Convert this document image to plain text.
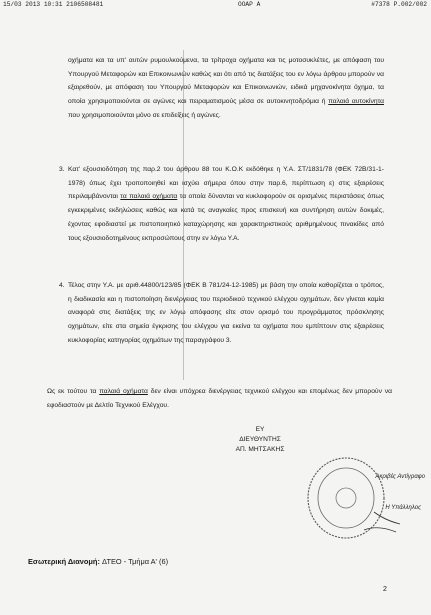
15/03 2013 10:31 2106508481	ΟΟΑΡ Α	#7378 P.002/002
οχήματα και τα υπ' αυτών ρυμουλκούμενα, τα τρίτροχα οχήματα και τις μοτοσυκλέτες, με απόφαση του Υπουργού Μεταφορών και Επικοινωνιών καθώς και ότι από τις διατάξεις του εν λόγω άρθρου μπορούν να εξαιρεθούν, με απόφαση του Υπουργού Μεταφορών και Επικοινωνιών, ειδικά μηχανοκίνητα όχημα, τα οποία χρησιμοποιούνται σε αγώνες και πειραματισμούς μέσα σε αυτοκινητοδρόμια ή παλαιά αυτοκίνητα που χρησιμοποιούνται μόνο σε επιδείξεις ή αγώνες.
3. Κατ' εξουσιοδότηση της παρ.2 του άρθρου 88 του Κ.Ο.Κ εκδόθηκε η Υ.Α. ΣΤ/1831/78 (ΦΕΚ 72Β/31-1-1978) όπως έχει τροποποιηθεί και ισχύει σήμερα όπου στην παρ.6, περίπτωση ε) στις εξαιρέσεις περιλαμβάνονται τα παλαιά οχήματα τα οποία δύνανται να κυκλοφορούν σε ορισμένες περιστάσεις όπως εγκεκριμένες εκδηλώσεις καθώς και κατά τις αναγκαίες προς επισκευή και συντήρηση αυτών δοκιμές, έχοντας εφοδιαστεί με πιστοποιητικό καταχώρησης και χαρακτηριστικούς αριθμημένους πινακίδες από τους εξουσιοδοτημένους εκπροσώπους στην εν λόγω Υ.Α.
4. Τέλος στην Υ.Α. με αριθ.44800/123/85 (ΦΕΚ Β 781/24-12-1985) με βάση την οποία καθορίζεται ο τρόπος, η διαδικασία και η πιστοποίηση διενέργειας του περιοδικού τεχνικού ελέγχου οχημάτων, δεν γίνεται καμία αναφορά στις διατάξεις της εν λόγω απόφασης είτε στον ορισμό του προγράμματος πρόσκλησης οχημάτων, είτε στα σημεία έγκρισης του ελέγχου για εκείνα τα οχήματα που εμπίπτουν στις εξαιρέσεις κυκλοφορίας κατηγορίας οχημάτων της παραγράφου 3.
Ως εκ τούτου τα παλαιά οχήματα δεν είναι υπόχρεα διενέργειας τεχνικού ελέγχου και επομένως δεν μπορούν να εφοδιαστούν με Δελτίο Τεχνικού Ελέγχου.
ΕΥ
ΔΙΕΥΘΥΝΤΗΣ
ΑΠ. ΜΗΤΣΑΚΗΣ
Ακριβές Αντίγραφο
Η Υπάλληλος
Εσωτερική Διανομή: ΔΤΕΟ - Τμήμα Α' (6)
2
